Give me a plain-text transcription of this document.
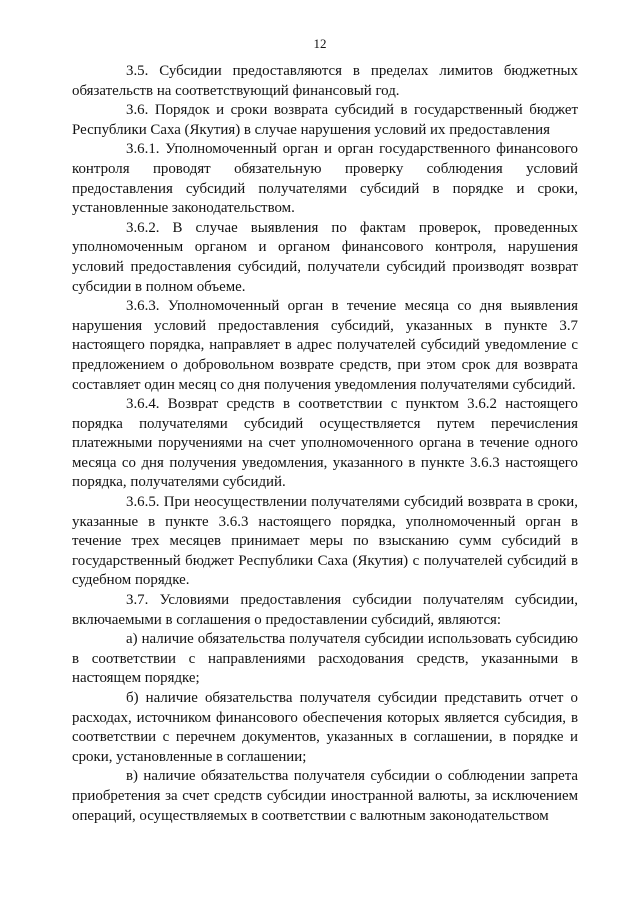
12

3.5. Субсидии предоставляются в пределах лимитов бюджетных обязательств на соответствующий финансовый год.

3.6. Порядок и сроки возврата субсидий в государственный бюджет Республики Саха (Якутия) в случае нарушения условий их предоставления

3.6.1. Уполномоченный орган и орган государственного финансового контроля проводят обязательную проверку соблюдения условий предоставления субсидий получателями субсидий в порядке и сроки, установленные законодательством.

3.6.2. В случае выявления по фактам проверок, проведенных уполномоченным органом и органом финансового контроля, нарушения условий предоставления субсидий, получатели субсидий производят возврат субсидии в полном объеме.

3.6.3. Уполномоченный орган в течение месяца со дня выявления нарушения условий предоставления субсидий, указанных в пункте 3.7 настоящего порядка, направляет в адрес получателей субсидий уведомление с предложением о добровольном возврате средств, при этом срок для возврата составляет один месяц со дня получения уведомления получателями субсидий.

3.6.4. Возврат средств в соответствии с пунктом 3.6.2 настоящего порядка получателями субсидий осуществляется путем перечисления платежными поручениями на счет уполномоченного органа в течение одного месяца со дня получения уведомления, указанного в пункте 3.6.3 настоящего порядка, получателями субсидий.

3.6.5. При неосуществлении получателями субсидий возврата в сроки, указанные в пункте 3.6.3 настоящего порядка, уполномоченный орган в течение трех месяцев принимает меры по взысканию сумм субсидий в государственный бюджет Республики Саха (Якутия) с получателей субсидий в судебном порядке.

3.7. Условиями предоставления субсидии получателям субсидии, включаемыми в соглашения о предоставлении субсидий, являются:

а) наличие обязательства получателя субсидии использовать субсидию в соответствии с направлениями расходования средств, указанными в настоящем порядке;

б) наличие обязательства получателя субсидии представить отчет о расходах, источником финансового обеспечения которых является субсидия, в соответствии с перечнем документов, указанных в соглашении, в порядке и сроки, установленные в соглашении;

в) наличие обязательства получателя субсидии о соблюдении запрета приобретения за счет средств субсидии иностранной валюты, за исключением операций, осуществляемых в соответствии с валютным законодательством
